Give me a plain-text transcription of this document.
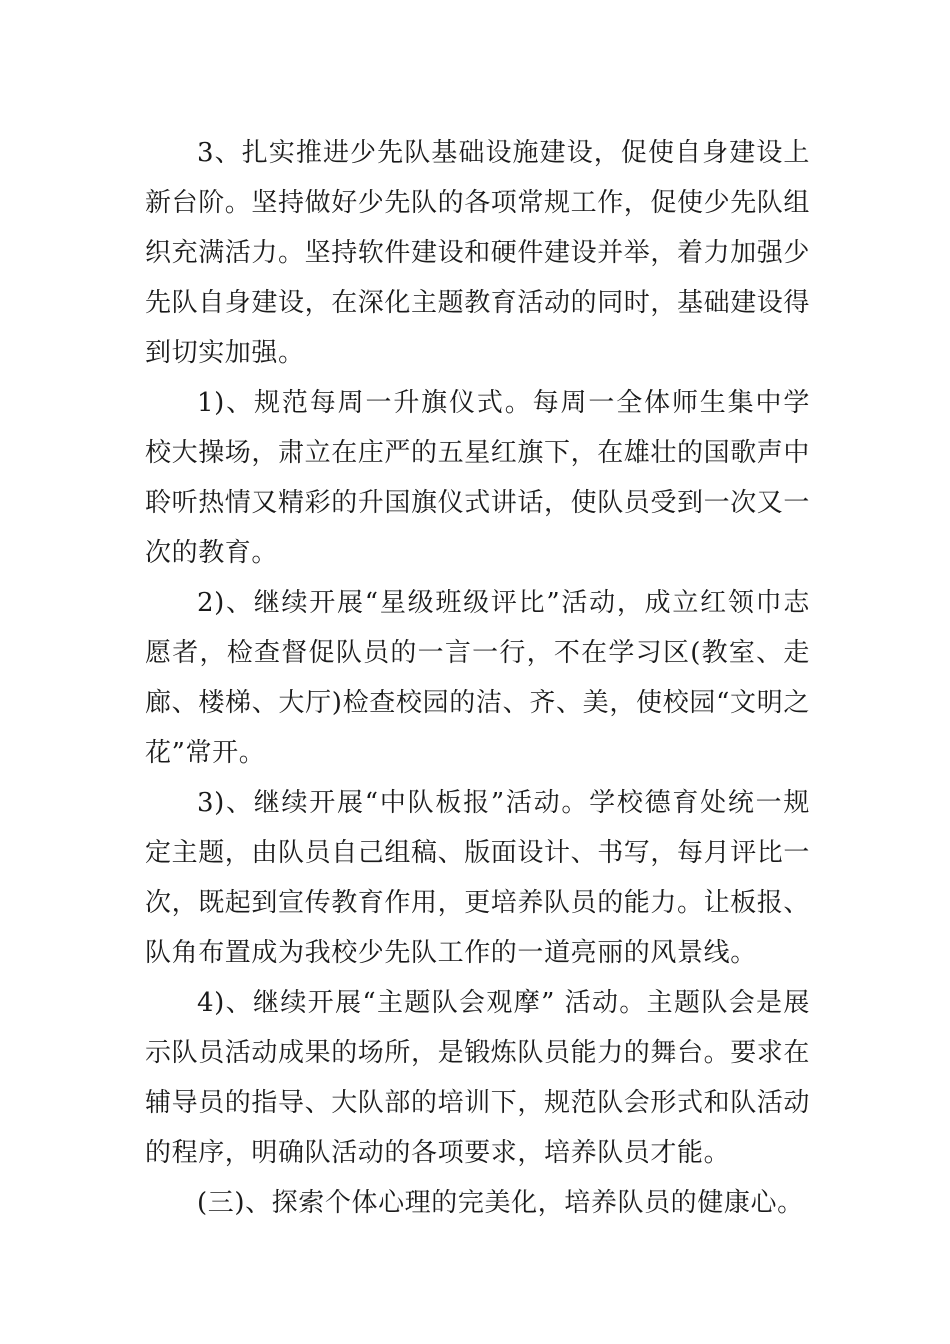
3、扎实推进少先队基础设施建设，促使自身建设上新台阶。坚持做好少先队的各项常规工作，促使少先队组织充满活力。坚持软件建设和硬件建设并举，着力加强少先队自身建设，在深化主题教育活动的同时，基础建设得到切实加强。

1)、规范每周一升旗仪式。每周一全体师生集中学校大操场，肃立在庄严的五星红旗下，在雄壮的国歌声中聆听热情又精彩的升国旗仪式讲话，使队员受到一次又一次的教育。

2)、继续开展“星级班级评比”活动，成立红领巾志愿者，检查督促队员的一言一行，不在学习区(教室、走廊、楼梯、大厅)检查校园的洁、齐、美，使校园“文明之花”常开。

3)、继续开展“中队板报”活动。学校德育处统一规定主题，由队员自己组稿、版面设计、书写，每月评比一次，既起到宣传教育作用，更培养队员的能力。让板报、队角布置成为我校少先队工作的一道亮丽的风景线。

4)、继续开展“主题队会观摩” 活动。主题队会是展示队员活动成果的场所，是锻炼队员能力的舞台。要求在辅导员的指导、大队部的培训下，规范队会形式和队活动的程序，明确队活动的各项要求，培养队员才能。

(三)、探索个体心理的完美化，培养队员的健康心。
